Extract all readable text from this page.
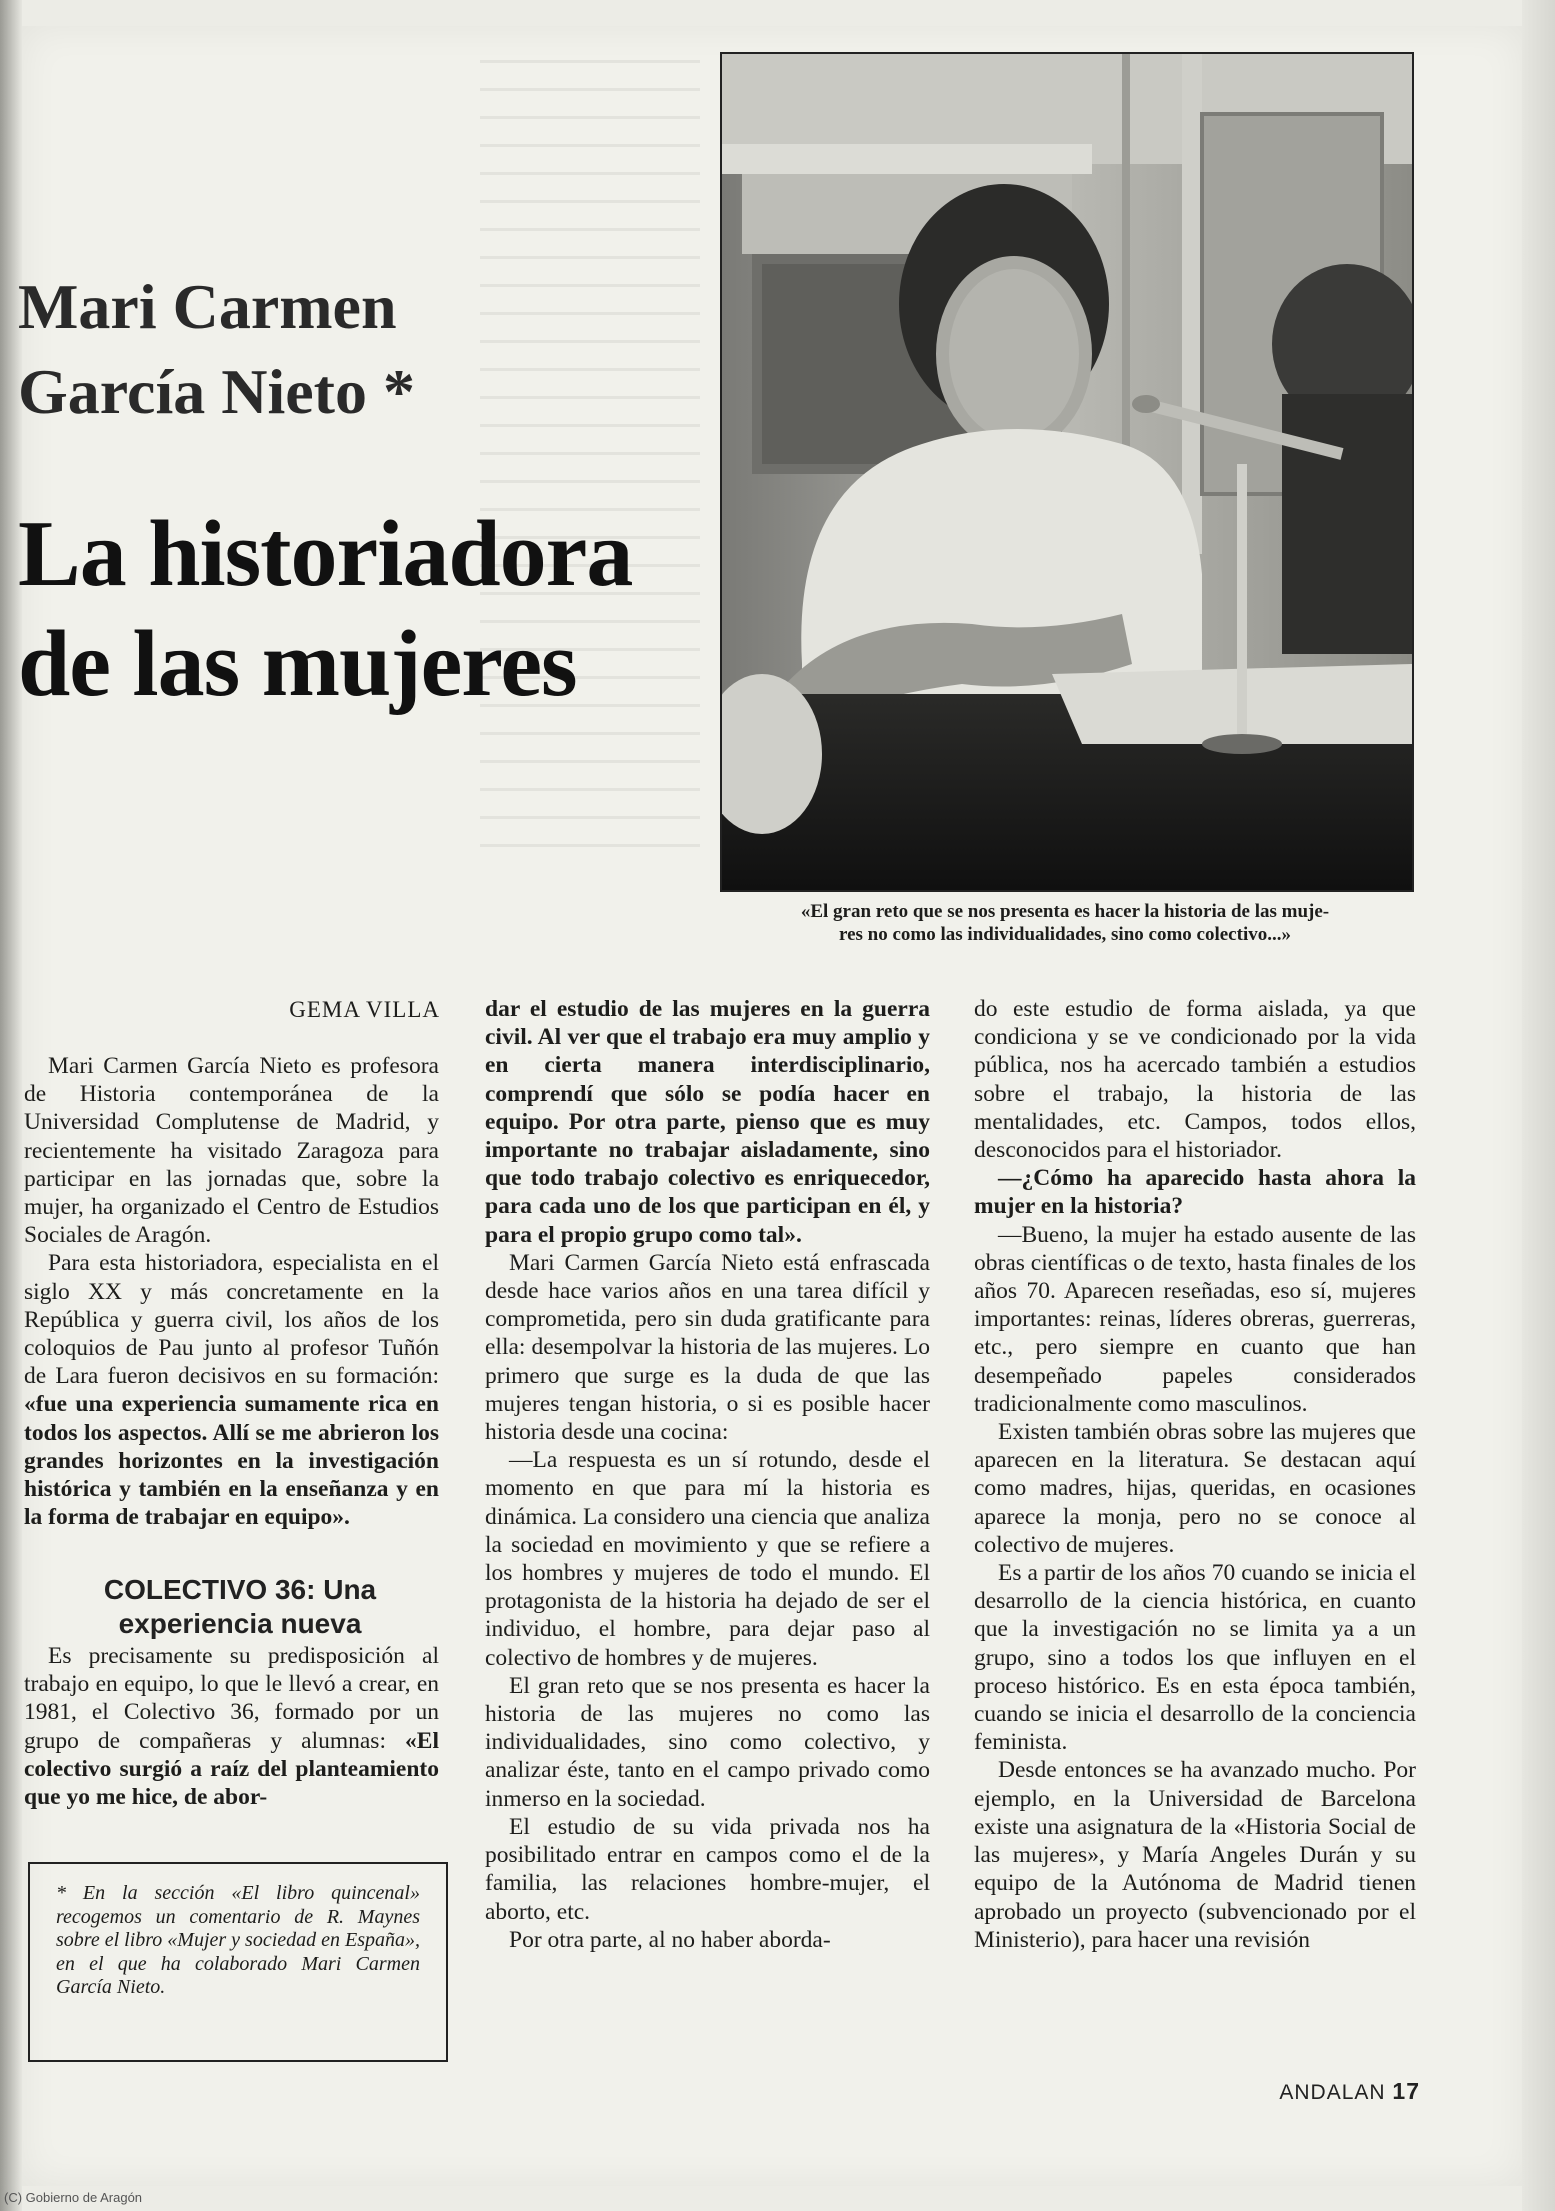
Mari Carmen
García Nieto *
La historiadora
de las mujeres
«El gran reto que se nos presenta es hacer la historia de las muje-
res no como las individualidades, sino como colectivo...»
GEMA VILLA

Mari Carmen García Nieto es profesora de Historia contemporánea de la Universidad Complutense de Madrid, y recientemente ha visitado Zaragoza para participar en las jornadas que, sobre la mujer, ha organizado el Centro de Estudios Sociales de Aragón.

Para esta historiadora, especialista en el siglo XX y más concretamente en la República y guerra civil, los años de los coloquios de Pau junto al profesor Tuñón de Lara fueron decisivos en su formación: «fue una experiencia sumamente rica en todos los aspectos. Allí se me abrieron los grandes horizontes en la investigación histórica y también en la enseñanza y en la forma de trabajar en equipo».

COLECTIVO 36: Una
experiencia nueva

Es precisamente su predisposición al trabajo en equipo, lo que le llevó a crear, en 1981, el Colectivo 36, formado por un grupo de compañeras y alumnas: «El colectivo surgió a raíz del planteamiento que yo me hice, de abor-

* En la sección «El libro quincenal» recogemos un comentario de R. Maynes sobre el libro «Mujer y sociedad en España», en el que ha colaborado Mari Carmen García Nieto.

dar el estudio de las mujeres en la guerra civil. Al ver que el trabajo era muy amplio y en cierta manera interdisciplinario, comprendí que sólo se podía hacer en equipo. Por otra parte, pienso que es muy importante no trabajar aisladamente, sino que todo trabajo colectivo es enriquecedor, para cada uno de los que participan en él, y para el propio grupo como tal».

Mari Carmen García Nieto está enfrascada desde hace varios años en una tarea difícil y comprometida, pero sin duda gratificante para ella: desempolvar la historia de las mujeres. Lo primero que surge es la duda de que las mujeres tengan historia, o si es posible hacer historia desde una cocina:

—La respuesta es un sí rotundo, desde el momento en que para mí la historia es dinámica. La considero una ciencia que analiza la sociedad en movimiento y que se refiere a los hombres y mujeres de todo el mundo. El protagonista de la historia ha dejado de ser el individuo, el hombre, para dejar paso al colectivo de hombres y de mujeres.

El gran reto que se nos presenta es hacer la historia de las mujeres no como las individualidades, sino como colectivo, y analizar éste, tanto en el campo privado como inmerso en la sociedad.

El estudio de su vida privada nos ha posibilitado entrar en campos como el de la familia, las relaciones hombre-mujer, el aborto, etc.

Por otra parte, al no haber aborda-

do este estudio de forma aislada, ya que condiciona y se ve condicionado por la vida pública, nos ha acercado también a estudios sobre el trabajo, la historia de las mentalidades, etc. Campos, todos ellos, desconocidos para el historiador.

—¿Cómo ha aparecido hasta ahora la mujer en la historia?

—Bueno, la mujer ha estado ausente de las obras científicas o de texto, hasta finales de los años 70. Aparecen reseñadas, eso sí, mujeres importantes: reinas, líderes obreras, guerreras, etc., pero siempre en cuanto que han desempeñado papeles considerados tradicionalmente como masculinos.

Existen también obras sobre las mujeres que aparecen en la literatura. Se destacan aquí como madres, hijas, queridas, en ocasiones aparece la monja, pero no se conoce al colectivo de mujeres.

Es a partir de los años 70 cuando se inicia el desarrollo de la ciencia histórica, en cuanto que la investigación no se limita ya a un grupo, sino a todos los que influyen en el proceso histórico. Es en esta época también, cuando se inicia el desarrollo de la conciencia feminista.

Desde entonces se ha avanzado mucho. Por ejemplo, en la Universidad de Barcelona existe una asignatura de la «Historia Social de las mujeres», y María Angeles Durán y su equipo de la Autónoma de Madrid tienen aprobado un proyecto (subvencionado por el Ministerio), para hacer una revisión

ANDALAN 17
(C) Gobierno de Aragón
